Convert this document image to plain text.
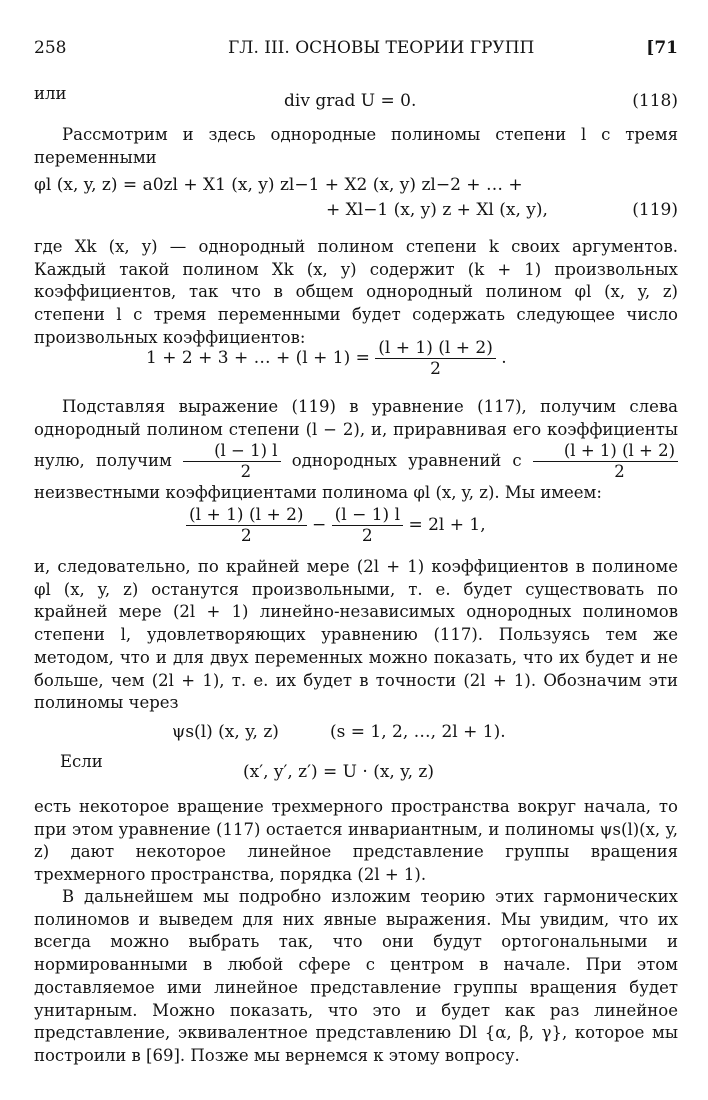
258	ГЛ. III. ОСНОВЫ ТЕОРИИ ГРУПП	[71
или	div grad U = 0.	(118)

Рассмотрим и здесь однородные полиномы степени l с тремя переменными

φl (x, y, z) = a0zl + X1 (x, y) zl−1 + X2 (x, y) zl−2 + … +
+ Xl−1 (x, y) z + Xl (x, y),	(119)

где Xk (x, y) — однородный полином степени k своих аргументов. Каждый такой полином Xk (x, y) содержит (k + 1) произвольных коэффициентов, так что в общем однородный полином φl (x, y, z) степени l с тремя переменными будет содержать следующее число произвольных коэффициентов:

1 + 2 + 3 + … + $(l + 1) = \frac{(l + 1) (l + 2)}{2}$ .
Подставляя выражение (119) в уравнение (117), получим слева однородный полином степени (l − 2), и, приравнивая его коэффициенты нулю, получим $\frac{(l - 1) l}{2}$ однородных уравнений с $\frac{(l + 1) (l + 2)}{2}$
неизвестными коэффициентами полинома φl (x, y, z). Мы имеем:
$\frac{(l + 1) (l + 2)}{2} - \frac{(l - 1) l}{2} = 2l + 1$,

и, следовательно, по крайней мере (2l + 1) коэффициентов в полиноме φl (x, y, z) останутся произвольными, т. е. будет существовать по крайней мере (2l + 1) линейно-независимых однородных полиномов степени l, удовлетворяющих уравнению (117). Пользуясь тем же методом, что и для двух переменных можно показать, что их будет и не больше, чем (2l + 1), т. е. их будет в точности (2l + 1). Обозначим эти полиномы через

ψs(l) (x, y, z)	(s = 1, 2, …, 2l + 1).
Если
(x′, y′, z′) = U · (x, y, z)

есть некоторое вращение трехмерного пространства вокруг начала, то при этом уравнение (117) остается инвариантным, и полиномы ψs(l)(x, y, z) дают некоторое линейное представление группы вращения трехмерного пространства, порядка (2l + 1).

В дальнейшем мы подробно изложим теорию этих гармонических полиномов и выведем для них явные выражения. Мы увидим, что их всегда можно выбрать так, что они будут ортогональными и нормированными в любой сфере с центром в начале. При этом доставляемое ими линейное представление группы вращения будет унитарным. Можно показать, что это и будет как раз линейное представление, эквивалентное представлению Dl {α, β, γ}, которое мы построили в [69]. Позже мы вернемся к этому вопросу.
